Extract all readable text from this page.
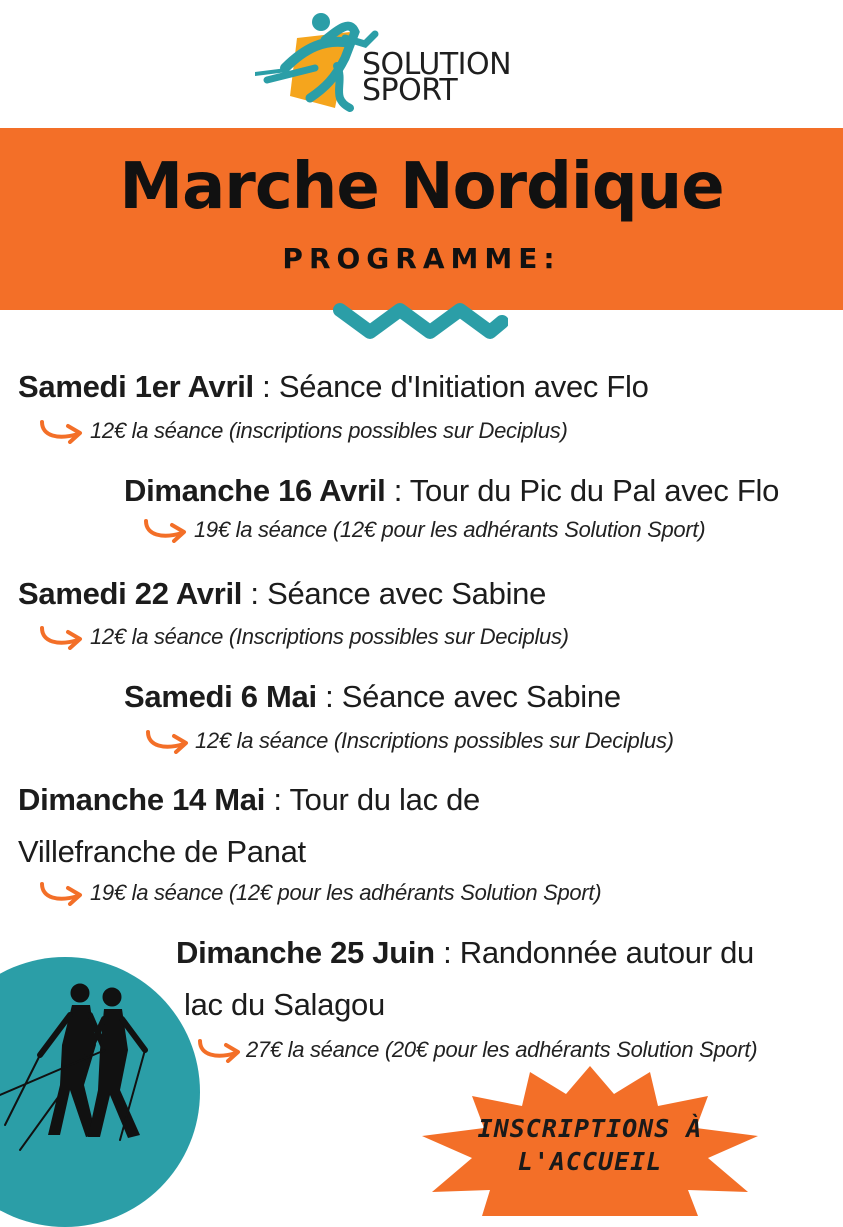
SOLUTION
SPORT
Marche Nordique
PROGRAMME:
Samedi 1er Avril : Séance d'Initiation avec Flo
12€ la séance (inscriptions possibles sur Deciplus)
Dimanche 16 Avril : Tour du Pic du Pal avec Flo
19€ la séance (12€ pour les adhérants Solution Sport)
Samedi 22 Avril : Séance avec Sabine
12€ la séance (Inscriptions possibles sur Deciplus)
Samedi 6 Mai : Séance avec Sabine
12€ la séance (Inscriptions possibles sur Deciplus)
Dimanche 14 Mai : Tour du lac de
Villefranche de Panat
19€ la séance (12€ pour les adhérants Solution Sport)
Dimanche 25 Juin : Randonnée autour du
lac du Salagou
27€ la séance (20€ pour les adhérants Solution Sport)
INSCRIPTIONS À
L'ACCUEIL
